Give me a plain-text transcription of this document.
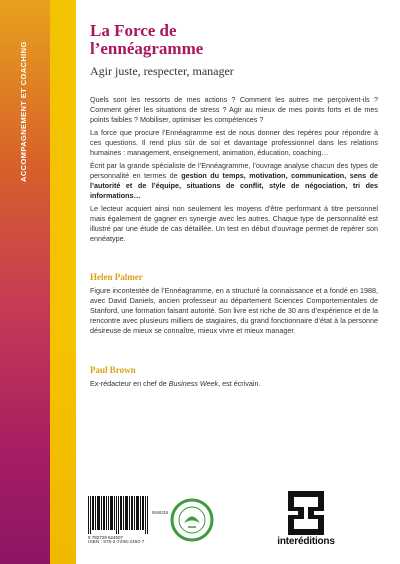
ACCOMPAGNEMENT ET COACHING
La Force de
l’ennéagramme

Agir juste, respecter, manager

Quels sont les ressorts de mes actions ? Comment les autres me perçoivent-ils ? Comment gérer les situations de stress ? Agir au mieux de mes points forts et de mes points faibles ? Mobiliser, optimiser les compétences ?

La force que procure l’Ennéagramme est de nous donner des repères pour répondre à ces questions. Il rend plus sûr de soi et davantage professionnel dans les relations humaines : management, enseignement, animation, éducation, coaching…

Écrit par la grande spécialiste de l’Ennéagramme, l’ouvrage analyse chacun des types de personnalité en termes de gestion du temps, motivation, communication, sens de l’autorité et de l’équipe, situations de conflit, style de négociation, tri des informations…

Le lecteur acquiert ainsi non seulement les moyens d’être performant à titre personnel mais également de gagner en synergie avec les autres. Chaque type de personnalité est illustré par une étude de cas détaillée. Un test en début d’ouvrage permet de repérer son ennéatype.

Helen Palmer

Figure incontestée de l’Ennéagramme, en a structuré la connaissance et a fondé en 1988, avec David Daniels, ancien professeur au département Sciences Comportementales de Stanford, une formation faisant autorité. Son livre est riche de 30 ans d’expérience et de la rencontre avec plusieurs milliers de stagiaires, du grand fonctionnaire d’état à la personne désireuse de mieux se connaître, mieux vivre et mieux manager.

Paul Brown

Ex-rédacteur en chef de Business Week, est écrivain.

9 782729 624507
8846316
ISBN : 978-2-7296-2450-7	interéditions
